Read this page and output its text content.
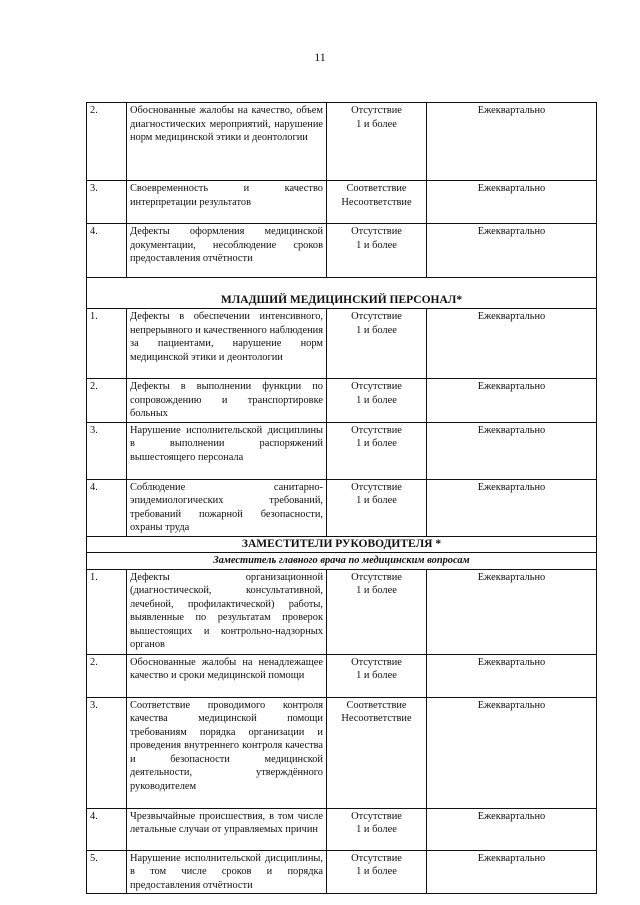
11
2.	Обоснованные жалобы на качество, объем диагностических мероприятий, нарушение норм медицинской этики и деонтологии	Отсутствие
1 и более	Ежеквартально
3.	Своевременность и качество интерпретации результатов	Соответствие
Несоответствие	Ежеквартально
4.	Дефекты оформления медицинской документации, несоблюдение сроков предоставления отчётности	Отсутствие
1 и более	Ежеквартально
МЛАДШИЙ МЕДИЦИНСКИЙ ПЕРСОНАЛ*			
1.	Дефекты в обеспечении интенсивного, непрерывного и качественного наблюдения за пациентами, нарушение норм медицинской этики и деонтологии	Отсутствие
1 и более	Ежеквартально
2.	Дефекты в выполнении функции по сопровождению и транспортировке больных	Отсутствие
1 и более	Ежеквартально
3.	Нарушение исполнительской дисциплины в выполнении распоряжений вышестоящего персонала	Отсутствие
1 и более	Ежеквартально
4.	Соблюдение санитарно-эпидемиологических требований, требований пожарной безопасности, охраны труда	Отсутствие
1 и более	Ежеквартально
ЗАМЕСТИТЕЛИ РУКОВОДИТЕЛЯ *			
Заместитель главного врача по медицинским вопросам			
1.	Дефекты организационной (диагностической, консультативной, лечебной, профилактической) работы, выявленные по результатам проверок вышестоящих и контрольно-надзорных органов	Отсутствие
1 и более	Ежеквартально
2.	Обоснованные жалобы на ненадлежащее качество и сроки медицинской помощи	Отсутствие
1 и более	Ежеквартально
3.	Соответствие проводимого контроля качества медицинской помощи требованиям порядка организации и проведения внутреннего контроля качества и безопасности медицинской деятельности, утверждённого руководителем	Соответствие
Несоответствие	Ежеквартально
4.	Чрезвычайные происшествия, в том числе летальные случаи от управляемых причин	Отсутствие
1 и более	Ежеквартально
5.	Нарушение исполнительской дисциплины, в том числе сроков и порядка предоставления отчётности	Отсутствие
1 и более	Ежеквартально
